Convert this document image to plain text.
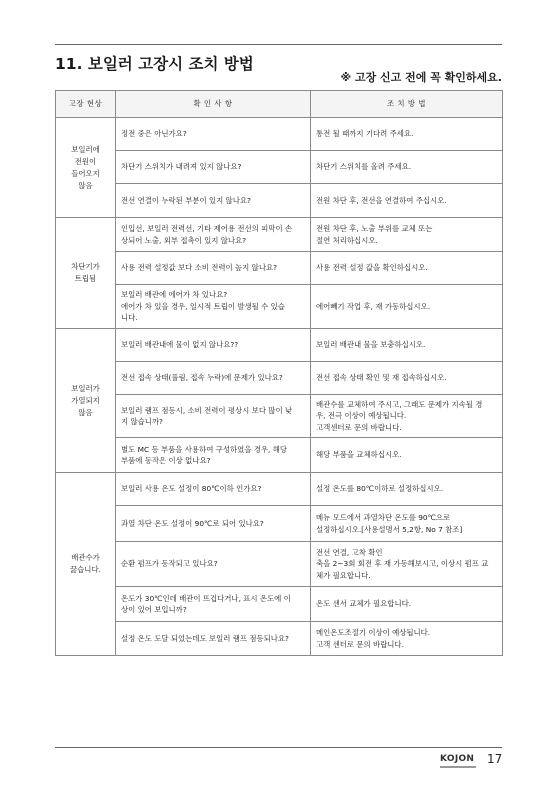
11. 보일러 고장시 조치 방법
※ 고장 신고 전에 꼭 확인하세요.
고장 현상	확 인 사 항	조 치 방 법

보일러에
전원이
들어오지
않음	정전 중은 아닌가요?	통전 될 때까지 기다려 주세요.

	차단기 스위치가 내려져 있지 않나요?	차단기 스위치를 올려 주세요.

	전선 연결이 누락된 부분이 있지 않나요?	전원 차단 후, 전선을 연결하여 주십시오.

차단기가
트립됨	인입선, 보일러 전력선, 기타 제어용 전선의 피막이 손
상되어 노출, 외부 접촉이 있지 않나요?	전원 차단 후, 노출 부위를 교체 또는
절연 처리하십시오.

	사용 전력 설정값 보다 소비 전력이 높지 않나요?	사용 전력 설정 값을 확인하십시오.

	보일러 배관에 에어가 차 있나요?
에어가 차 있을 경우, 일시적 트립이 발생될 수 있습
니다.	에어빼기 작업 후, 재 가동하십시오.

보일러가
가열되지
않음	보일러 배관내에 물이 없지 않나요??	보일러 배관내 물을 보충하십시오.

	전선 접속 상태(풀림, 접속 누락)에 문제가 있나요?	전선 접속 상태 확인 및 재 접속하십시오.

	보일러 램프 점등시, 소비 전력이 평상시 보다 많이 낮
지 않습니까?	배관수를 교체하여 주시고, 그래도 문제가 지속될 경
우, 전극 이상이 예상됩니다.
고객센터로 문의 바랍니다.

	별도 MC 등 부품을 사용하여 구성하였을 경우, 해당
부품에 동작은 이상 없나요?	해당 부품을 교체하십시오.

배관수가
끓습니다.	보일러 사용 온도 설정이 80℃이하 인가요?	설정 온도를 80℃이하로 설정하십시오.

	과열 차단 온도 설정이 90℃로 되어 있나요?	메뉴 모드에서 과열차단 온도를 90℃으로
설정하십시오.[사용설명서 5,2항, No 7 참조]

	순환 펌프가 동작되고 있나요?	전선 연결, 고착 확인
축을 2~3회 회전 후 재 가동해보시고, 이상시 펌프 교
체가 필요합니다.

	온도가 30℃인데 배관이 뜨겁다거나, 표시 온도에 이
상이 있어 보입니까?	온도 센서 교체가 필요합니다.

	설정 온도 도달 되었는데도 보일러 램프 점등되나요?	메인온도조절기 이상이 예상됩니다.
고객 센터로 문의 바랍니다.
KOJON	17
